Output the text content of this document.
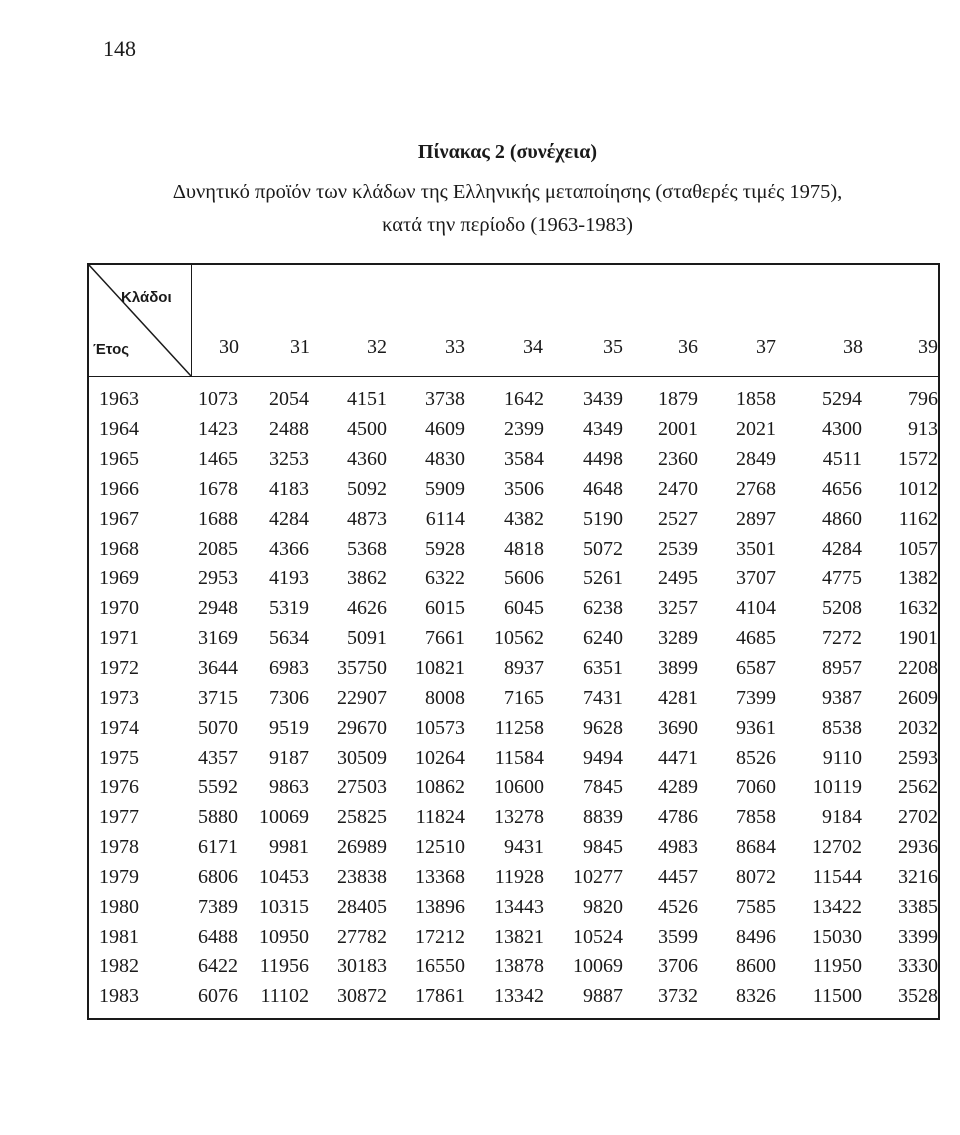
148
Πίνακας 2 (συνέχεια)
Δυνητικό προϊόν των κλάδων της Ελληνικής μεταποίησης (σταθερές τιμές 1975),
κατά την περίοδο (1963-1983)
Κλάδοι
Έτος	30	31	32	33	34	35	36	37	38	39
1963	1073	2054	4151	3738	1642	3439	1879	1858	5294	796
1964	1423	2488	4500	4609	2399	4349	2001	2021	4300	913
1965	1465	3253	4360	4830	3584	4498	2360	2849	4511	1572
1966	1678	4183	5092	5909	3506	4648	2470	2768	4656	1012
1967	1688	4284	4873	6114	4382	5190	2527	2897	4860	1162
1968	2085	4366	5368	5928	4818	5072	2539	3501	4284	1057
1969	2953	4193	3862	6322	5606	5261	2495	3707	4775	1382
1970	2948	5319	4626	6015	6045	6238	3257	4104	5208	1632
1971	3169	5634	5091	7661	10562	6240	3289	4685	7272	1901
1972	3644	6983	35750	10821	8937	6351	3899	6587	8957	2208
1973	3715	7306	22907	8008	7165	7431	4281	7399	9387	2609
1974	5070	9519	29670	10573	11258	9628	3690	9361	8538	2032
1975	4357	9187	30509	10264	11584	9494	4471	8526	9110	2593
1976	5592	9863	27503	10862	10600	7845	4289	7060	10119	2562
1977	5880	10069	25825	11824	13278	8839	4786	7858	9184	2702
1978	6171	9981	26989	12510	9431	9845	4983	8684	12702	2936
1979	6806	10453	23838	13368	11928	10277	4457	8072	11544	3216
1980	7389	10315	28405	13896	13443	9820	4526	7585	13422	3385
1981	6488	10950	27782	17212	13821	10524	3599	8496	15030	3399
1982	6422	11956	30183	16550	13878	10069	3706	8600	11950	3330
1983	6076	11102	30872	17861	13342	9887	3732	8326	11500	3528
